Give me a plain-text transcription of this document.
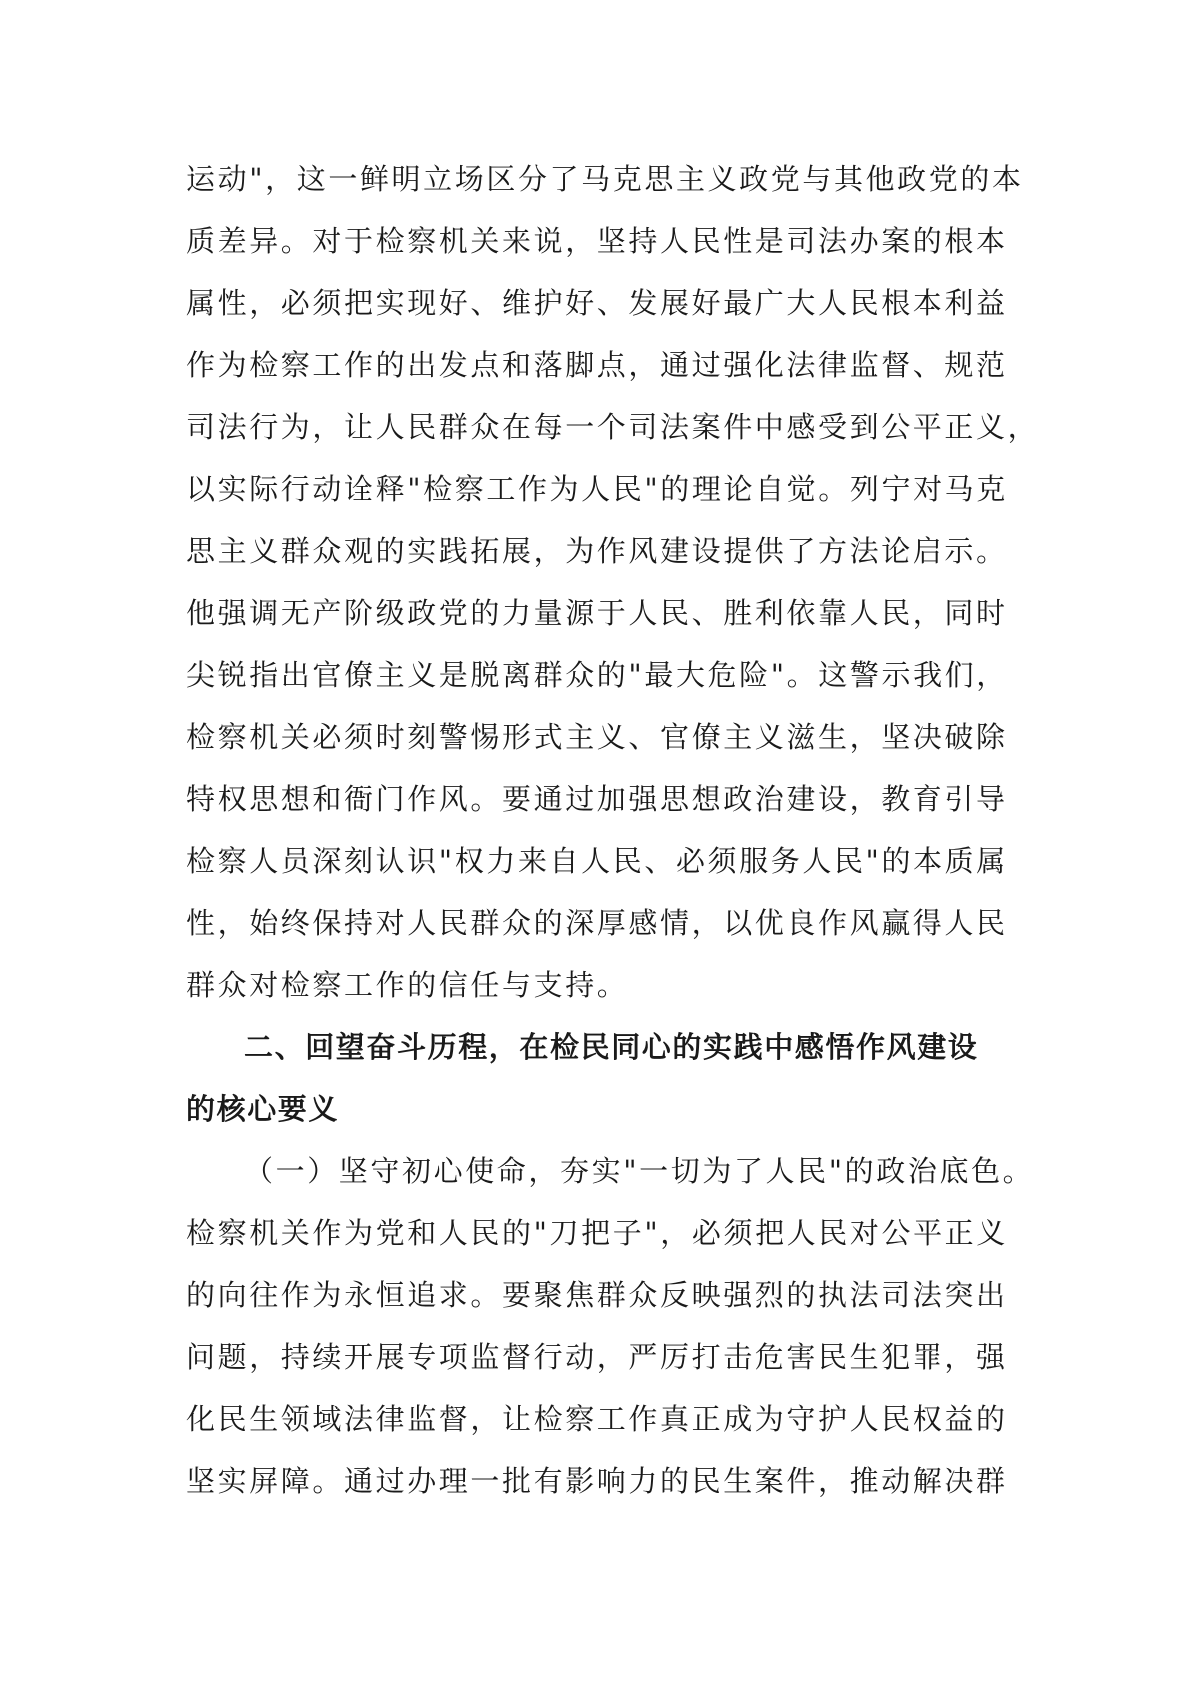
运动"，这一鲜明立场区分了马克思主义政党与其他政党的本
质差异。对于检察机关来说，坚持人民性是司法办案的根本
属性，必须把实现好、维护好、发展好最广大人民根本利益
作为检察工作的出发点和落脚点，通过强化法律监督、规范
司法行为，让人民群众在每一个司法案件中感受到公平正义，
以实际行动诠释"检察工作为人民"的理论自觉。列宁对马克
思主义群众观的实践拓展，为作风建设提供了方法论启示。
他强调无产阶级政党的力量源于人民、胜利依靠人民，同时
尖锐指出官僚主义是脱离群众的"最大危险"。这警示我们，
检察机关必须时刻警惕形式主义、官僚主义滋生，坚决破除
特权思想和衙门作风。要通过加强思想政治建设，教育引导
检察人员深刻认识"权力来自人民、必须服务人民"的本质属
性，始终保持对人民群众的深厚感情，以优良作风赢得人民
群众对检察工作的信任与支持。
二、回望奋斗历程，在检民同心的实践中感悟作风建设
的核心要义
（一）坚守初心使命，夯实"一切为了人民"的政治底色。
检察机关作为党和人民的"刀把子"，必须把人民对公平正义
的向往作为永恒追求。要聚焦群众反映强烈的执法司法突出
问题，持续开展专项监督行动，严厉打击危害民生犯罪，强
化民生领域法律监督，让检察工作真正成为守护人民权益的
坚实屏障。通过办理一批有影响力的民生案件，推动解决群
